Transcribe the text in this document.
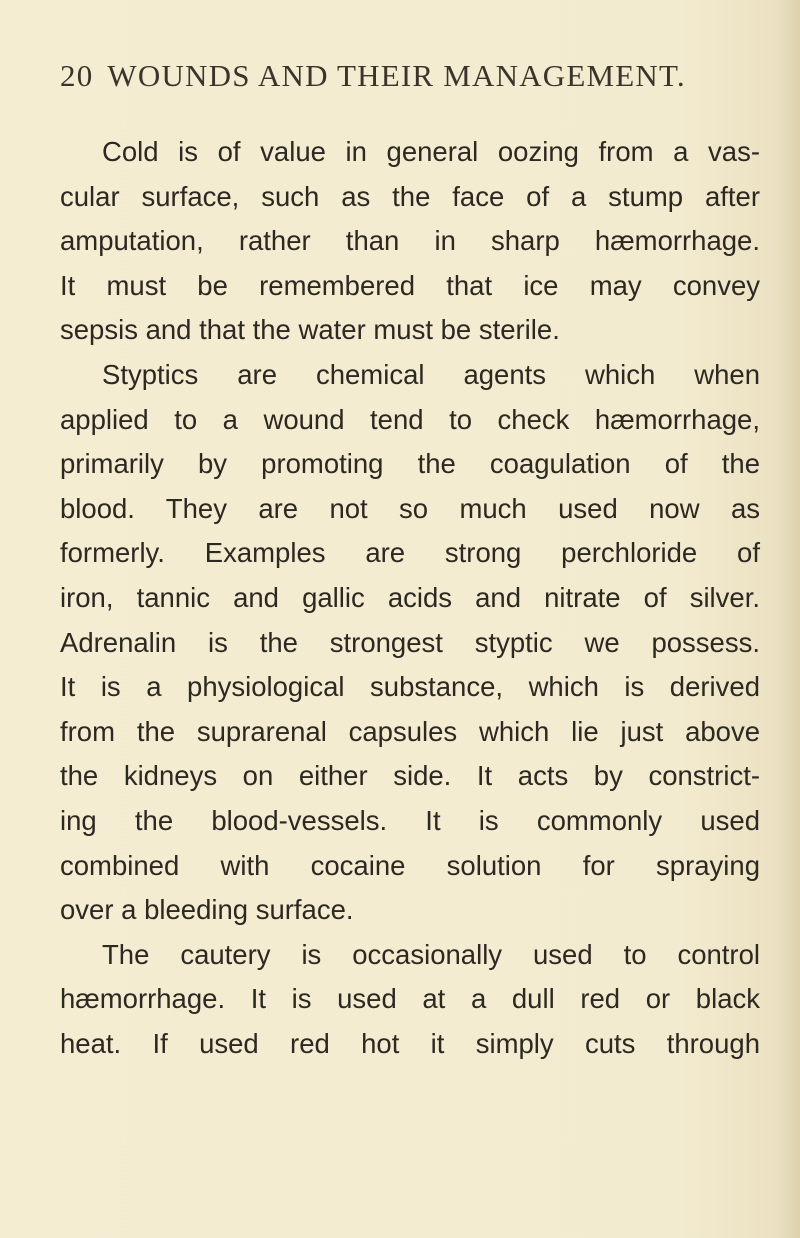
20 WOUNDS AND THEIR MANAGEMENT.
Cold is of value in general oozing from a vas-
cular surface, such as the face of a stump after
amputation, rather than in sharp hæmorrhage.
It must be remembered that ice may convey
sepsis and that the water must be sterile.
Styptics are chemical agents which when
applied to a wound tend to check hæmorrhage,
primarily by promoting the coagulation of the
blood. They are not so much used now as
formerly. Examples are strong perchloride of
iron, tannic and gallic acids and nitrate of silver.
Adrenalin is the strongest styptic we possess.
It is a physiological substance, which is derived
from the suprarenal capsules which lie just above
the kidneys on either side. It acts by constrict-
ing the blood-vessels. It is commonly used
combined with cocaine solution for spraying
over a bleeding surface.
The cautery is occasionally used to control
hæmorrhage. It is used at a dull red or black
heat. If used red hot it simply cuts through
